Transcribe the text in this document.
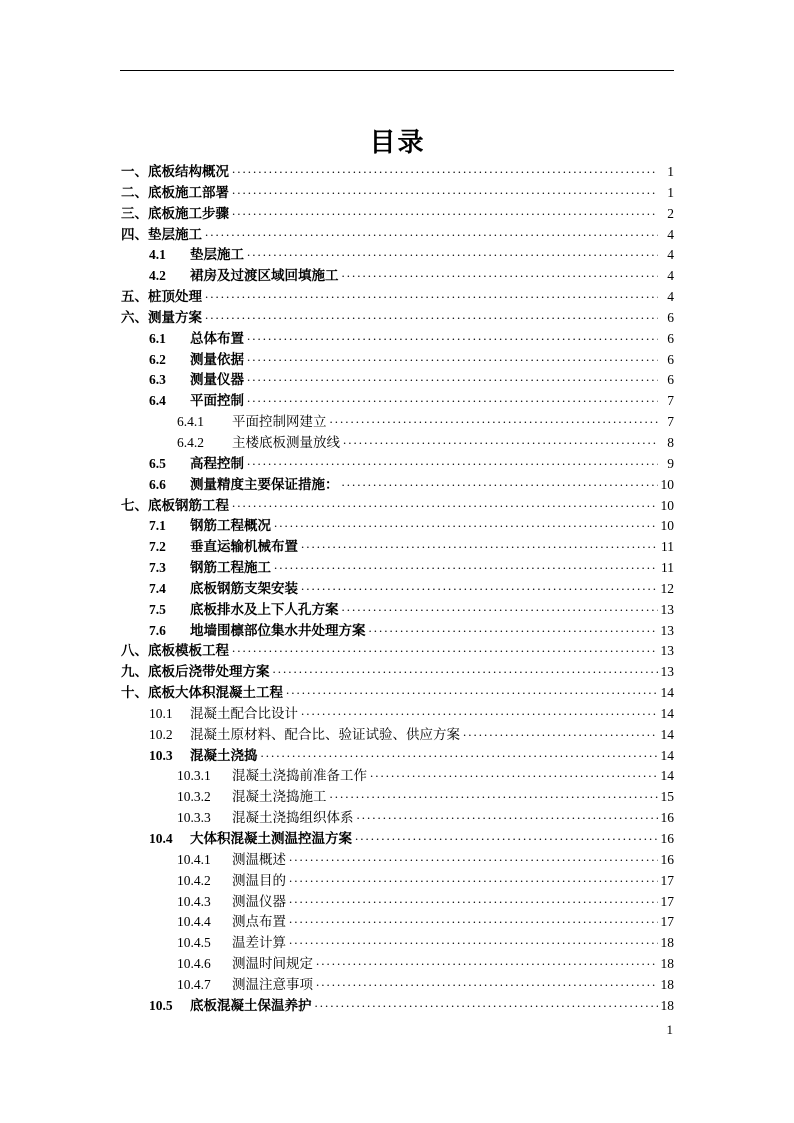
目录
一、 底板结构概况 .....	1
二、 底板施工部署 .....	1
三、 底板施工步骤 .....	2
四、 垫层施工 .....	4
4.1	垫层施工 .....	4
4.2	裙房及过渡区域回填施工 .....	4
五、 桩顶处理 .....	4
六、 测量方案 .....	6
6.1	总体布置 .....	6
6.2	测量依据 .....	6
6.3	测量仪器 .....	6
6.4	平面控制 .....	7
6.4.1	平面控制网建立 .....	7
6.4.2	主楼底板测量放线 .....	8
6.5	高程控制 .....	9
6.6	测量精度主要保证措施： .....	10
七、 底板钢筋工程 .....	10
7.1	钢筋工程概况 .....	10
7.2	垂直运输机械布置 .....	11
7.3	钢筋工程施工 .....	11
7.4	底板钢筋支架安装 .....	12
7.5	底板排水及上下人孔方案 .....	13
7.6	地墙围檩部位集水井处理方案 .....	13
八、 底板模板工程 .....	13
九、 底板后浇带处理方案 .....	13
十、 底板大体积混凝土工程 .....	14
10.1	混凝土配合比设计 .....	14
10.2	混凝土原材料、配合比、验证试验、供应方案 .....	14
10.3	混凝土浇捣 .....	14
10.3.1	混凝土浇捣前准备工作 .....	14
10.3.2	混凝土浇捣施工 .....	15
10.3.3	混凝土浇捣组织体系 .....	16
10.4	大体积混凝土测温控温方案 .....	16
10.4.1	测温概述 .....	16
10.4.2	测温目的 .....	17
10.4.3	测温仪器 .....	17
10.4.4	测点布置 .....	17
10.4.5	温差计算 .....	18
10.4.6	测温时间规定 .....	18
10.4.7	测温注意事项 .....	18
10.5	底板混凝土保温养护 .....	18
1
